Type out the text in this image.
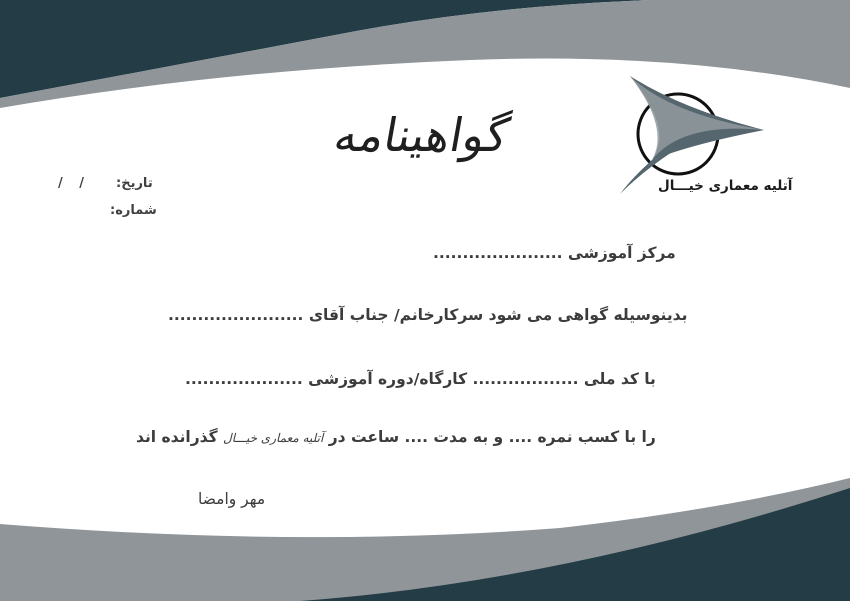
گواهینامه
آتلیه معماری خیـــال
تاریخ:
/ /
شماره:
مرکز آموزشی ......................
بدینوسیله گواهی می شود سرکارخانم/ جناب آقای .......................
با کد ملی .................. کارگاه/دوره آموزشی ....................
را با کسب نمره .... و به مدت .... ساعت در آتلیه معماری خیـــال گذرانده اند
مهر وامضا
